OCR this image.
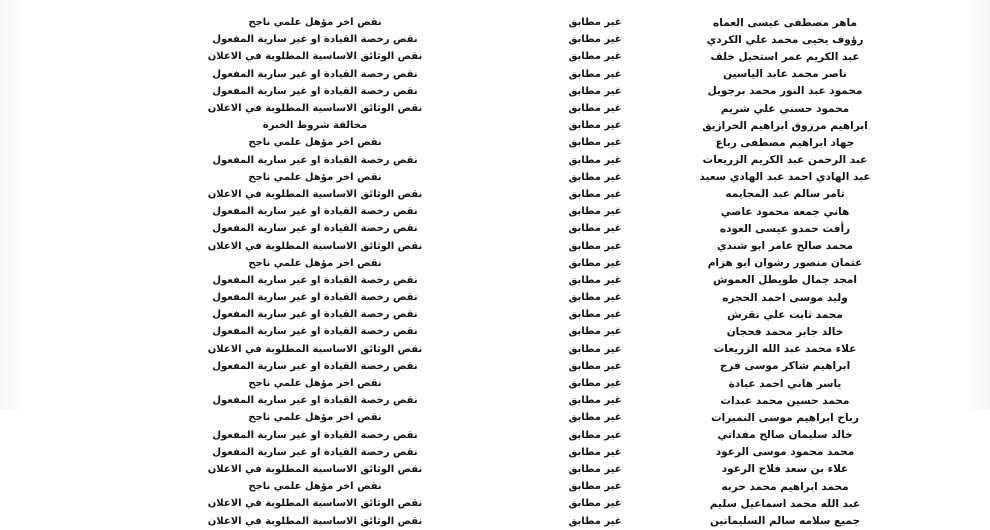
ماهر مصطفى عيسى العماه	غير مطابق	نقص اخر مؤهل علمي ناجح
رؤوف يحيى محمد علي الكردي	غير مطابق	نقص رخصة القيادة او غير سارية المفعول
عبد الكريم عمر استحيل خلف	غير مطابق	نقص الوثائق الاساسية المطلوبة في الاعلان
ناصر محمد عابد الياسين	غير مطابق	نقص رخصة القيادة او غير سارية المفعول
محمود عبد النور محمد برجويل	غير مطابق	نقص رخصة القيادة او غير سارية المفعول
محمود حسني علي شريم	غير مطابق	نقص الوثائق الاساسية المطلوبة في الاعلان
ابراهيم مرزوق ابراهيم الحرازيق	غير مطابق	مخالفة شروط الخبرة
جهاد ابراهيم مصطفى رباع	غير مطابق	نقص اخر مؤهل علمي ناجح
عبد الرحمن عبد الكريم الزريعات	غير مطابق	نقص رخصة القيادة او غير سارية المفعول
عبد الهادي احمد عبد الهادي سعيد	غير مطابق	نقص اخر مؤهل علمي ناجح
ثامر سالم عبد المجايمه	غير مطابق	نقص الوثائق الاساسية المطلوبة في الاعلان
هاني جمعه محمود عاصي	غير مطابق	نقص رخصة القيادة او غير سارية المفعول
رأفت حمدو عيسى العوده	غير مطابق	نقص رخصة القيادة او غير سارية المفعول
محمد صالح عامر ابو شندي	غير مطابق	نقص الوثائق الاساسية المطلوبة في الاعلان
عثمان منصور رشوان ابو هزام	غير مطابق	نقص اخر مؤهل علمي ناجح
امجد جمال طويطل العموش	غير مطابق	نقص رخصة القيادة او غير سارية المفعول
وليد موسى احمد الحجره	غير مطابق	نقص رخصة القيادة او غير سارية المفعول
محمد ثابت علي نقرش	غير مطابق	نقص رخصة القيادة او غير سارية المفعول
خالد جابر محمد فحجان	غير مطابق	نقص رخصة القيادة او غير سارية المفعول
علاء محمد عبد الله الزريعات	غير مطابق	نقص الوثائق الاساسية المطلوبة في الاعلان
ابراهيم شاكر موسى فرج	غير مطابق	نقص رخصة القيادة او غير سارية المفعول
ياسر هاني احمد عبادة	غير مطابق	نقص اخر مؤهل علمي ناجح
محمد حسين محمد عبدات	غير مطابق	نقص رخصة القيادة او غير سارية المفعول
رباح ابراهيم موسى النميرات	غير مطابق	نقص اخر مؤهل علمي ناجح
خالد سليمان صالح مفداتي	غير مطابق	نقص رخصة القيادة او غير سارية المفعول
محمد محمود موسى الرعود	غير مطابق	نقص رخصة القيادة او غير سارية المفعول
علاء بن سعد فلاح الرعود	غير مطابق	نقص الوثائق الاساسية المطلوبة في الاعلان
محمد ابراهيم محمد حربه	غير مطابق	نقص اخر مؤهل علمي ناجح
عبد الله محمد اسماعيل سليم	غير مطابق	نقص الوثائق الاساسية المطلوبة في الاعلان
جميع سلامه سالم السليمانين	غير مطابق	نقص الوثائق الاساسية المطلوبة في الاعلان
